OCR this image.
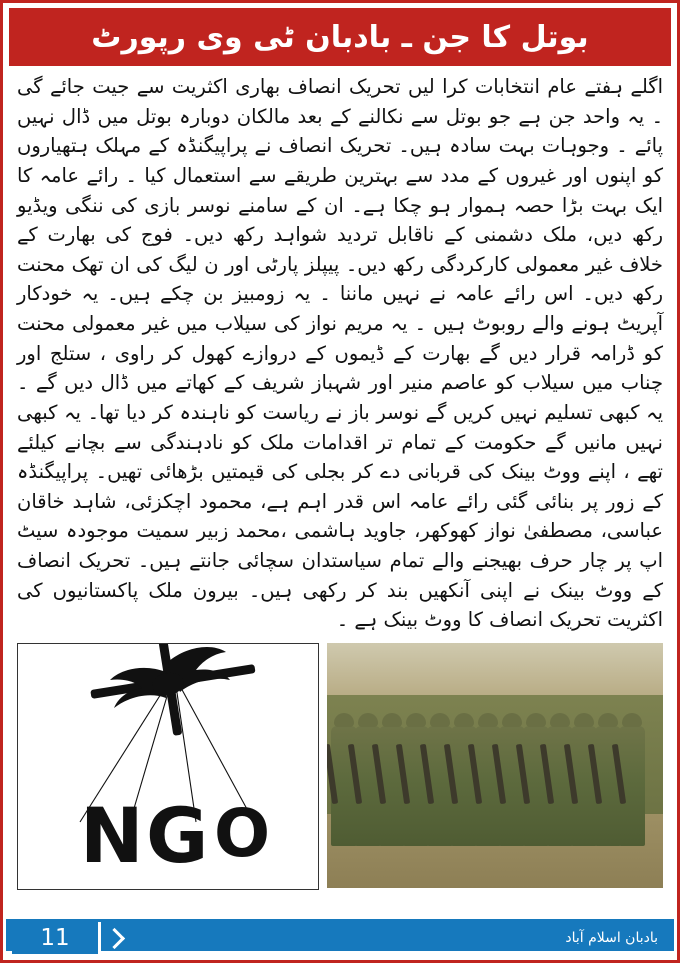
بوتل کا جن ـ بادبان ٹی وی رپورٹ

اگلے ہفتے عام انتخابات کرا لیں تحریک انصاف بھاری اکثریت سے جیت جائے گی ۔ یہ واحد جن ہے جو بوتل سے نکالنے کے بعد مالکان دوبارہ بوتل میں ڈال نہیں پائے ۔ وجوہات بہت سادہ ہیں۔ تحریک انصاف نے پراپیگنڈہ کے مہلک ہتھیاروں کو اپنوں اور غیروں کے مدد سے بہترین طریقے سے استعمال کیا ۔ رائے عامہ کا ایک بہت بڑا حصہ ہموار ہو چکا ہے۔ ان کے سامنے نوسر بازی کی ننگی ویڈیو رکھ دیں، ملک دشمنی کے ناقابل تردید شواہد رکھ دیں۔ فوج کی بھارت کے خلاف غیر معمولی کارکردگی رکھ دیں۔ پیپلز پارٹی اور ن لیگ کی ان تھک محنت رکھ دیں۔ اس رائے عامہ نے نہیں ماننا ۔ یہ زومبیز بن چکے ہیں۔ یہ خودکار آپریٹ ہونے والے روبوٹ ہیں ۔ یہ مریم نواز کی سیلاب میں غیر معمولی محنت کو ڈرامہ قرار دیں گے بھارت کے ڈیموں کے دروازے کھول کر راوی ، ستلج اور چناب میں سیلاب کو عاصم منیر اور شہباز شریف کے کھاتے میں ڈال دیں گے ۔ یہ کبھی تسلیم نہیں کریں گے نوسر باز نے ریاست کو ناہندہ کر دیا تھا۔ یہ کبھی نہیں مانیں گے حکومت کے تمام تر اقدامات ملک کو نادہندگی سے بچانے کیلئے تھے ، اپنے ووٹ بینک کی قربانی دے کر بجلی کی قیمتیں بڑھائی تھیں۔ پراپیگنڈہ کے زور پر بنائی گئی رائے عامہ اس قدر اہم ہے، محمود اچکزئی، شاہد خاقان عباسی، مصطفیٰ نواز کھوکھر، جاوید ہاشمی ،محمد زبیر سمیت موجودہ سیٹ اپ پر چار حرف بھیجنے والے تمام سیاستدان سچائی جانتے ہیں۔ تحریک انصاف کے ووٹ بینک نے اپنی آنکھیں بند کر رکھی ہیں۔ بیرون ملک پاکستانیوں کی اکثریت تحریک انصاف کا ووٹ بینک ہے ۔

N G O
11	بادبان اسلام آباد
